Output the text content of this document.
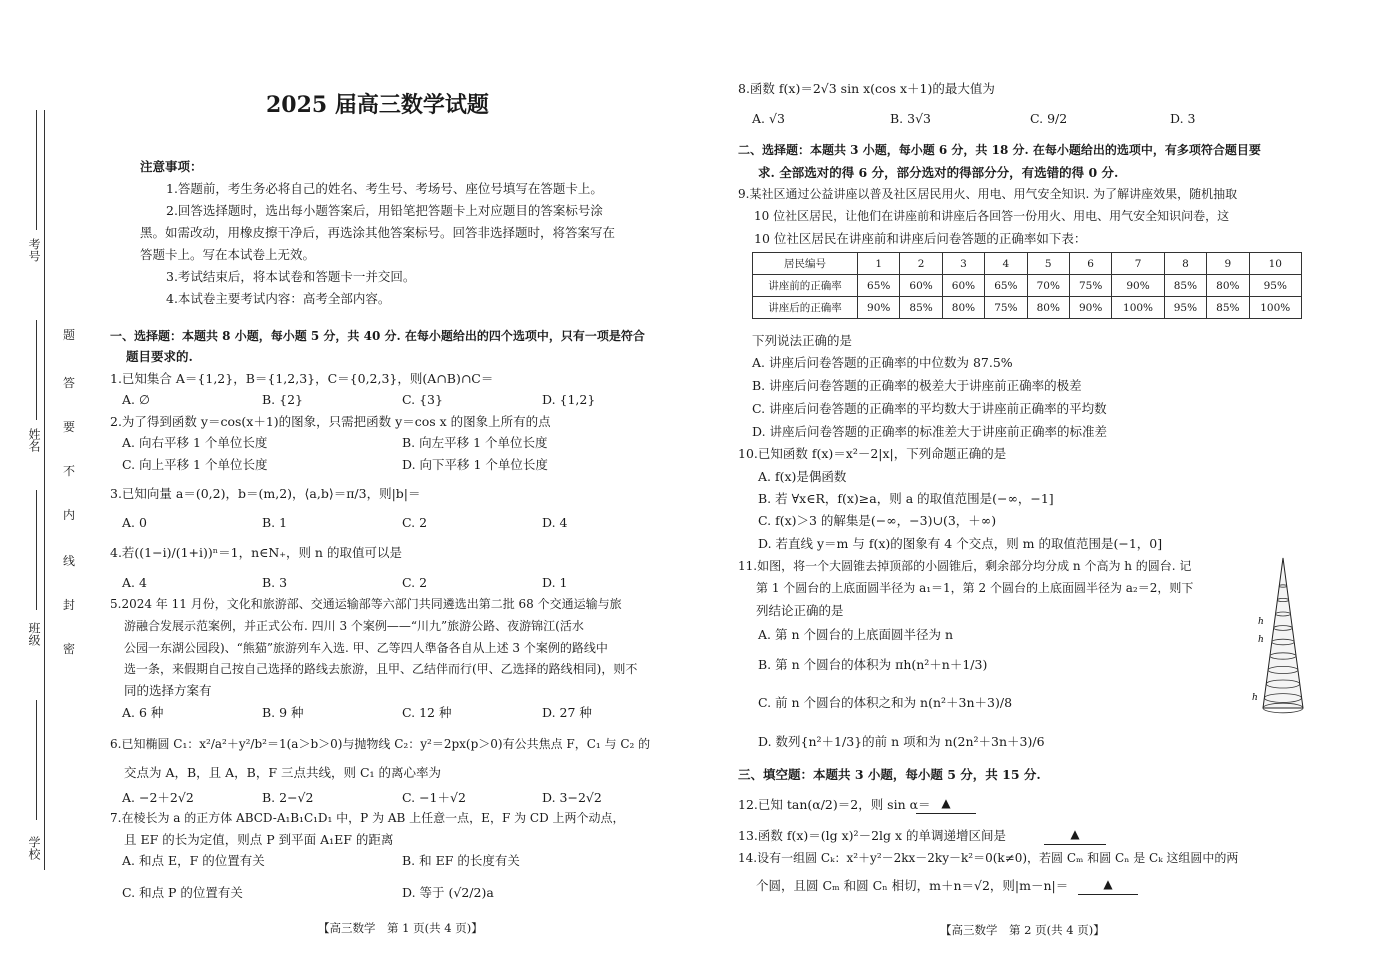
考号
姓名
班级
学校
题
答
要
不
内
线
封
密
2025 届高三数学试题
注意事项：
1.答题前，考生务必将自己的姓名、考生号、考场号、座位号填写在答题卡上。
2.回答选择题时，选出每小题答案后，用铅笔把答题卡上对应题目的答案标号涂
黑。如需改动，用橡皮擦干净后，再选涂其他答案标号。回答非选择题时，将答案写在
答题卡上。写在本试卷上无效。
3.考试结束后，将本试卷和答题卡一并交回。
4.本试卷主要考试内容：高考全部内容。
一、选择题：本题共 8 小题，每小题 5 分，共 40 分. 在每小题给出的四个选项中，只有一项是符合
题目要求的.
1.已知集合 A＝{1,2}，B＝{1,2,3}，C＝{0,2,3}，则(A∩B)∩C＝
A. ∅	B. {2}	C. {3}	D. {1,2}
2.为了得到函数 y＝cos(x＋1)的图象，只需把函数 y＝cos x 的图象上所有的点
A. 向右平移 1 个单位长度	B. 向左平移 1 个单位长度
C. 向上平移 1 个单位长度	D. 向下平移 1 个单位长度
3.已知向量 a＝(0,2)，b＝(m,2)，⟨a,b⟩＝π/3，则|b|＝
A. 0	B. 1	C. 2	D. 4
4.若((1−i)/(1+i))ⁿ＝1，n∈N₊，则 n 的取值可以是
A. 4	B. 3	C. 2	D. 1
5.2024 年 11 月份，文化和旅游部、交通运输部等六部门共同遴选出第二批 68 个交通运输与旅
游融合发展示范案例，并正式公布. 四川 3 个案例——“川九”旅游公路、夜游锦江(活水
公园一东湖公园段)、“熊猫”旅游列车入选. 甲、乙等四人準备各自从上述 3 个案例的路线中
选一条，来假期自己按自己选择的路线去旅游，且甲、乙结伴而行(甲、乙选择的路线相同)，则不
同的选择方案有
A. 6 种	B. 9 种	C. 12 种	D. 27 种
6.已知椭圆 C₁：x²/a²＋y²/b²＝1(a＞b＞0)与抛物线 C₂：y²＝2px(p＞0)有公共焦点 F，C₁ 与 C₂ 的
交点为 A，B，且 A，B，F 三点共线，则 C₁ 的离心率为
A. −2＋2√2	B. 2−√2	C. −1＋√2	D. 3−2√2
7.在棱长为 a 的正方体 ABCD-A₁B₁C₁D₁ 中，P 为 AB 上任意一点，E，F 为 CD 上两个动点，
且 EF 的长为定值，则点 P 到平面 A₁EF 的距离
A. 和点 E，F 的位置有关	B. 和 EF 的长度有关
C. 和点 P 的位置有关	D. 等于 (√2/2)a
【高三数学　第 1 页(共 4 页)】
8.函数 f(x)＝2√3 sin x(cos x＋1)的最大值为
A. √3	B. 3√3	C. 9/2	D. 3
二、选择题：本题共 3 小题，每小题 6 分，共 18 分. 在每小题给出的选项中，有多项符合题目要
求. 全部选对的得 6 分，部分选对的得部分分，有选错的得 0 分.
9.某社区通过公益讲座以普及社区居民用火、用电、用气安全知识. 为了解讲座效果，随机抽取
10 位社区居民，让他们在讲座前和讲座后各回答一份用火、用电、用气安全知识问卷，这
10 位社区居民在讲座前和讲座后问卷答题的正确率如下表：
居民编号	1	2	3	4	5	6	7	8	9	10
讲座前的正确率	65%	60%	60%	65%	70%	75%	90%	85%	80%	95%
讲座后的正确率	90%	85%	80%	75%	80%	90%	100%	95%	85%	100%
下列说法正确的是
A. 讲座后问卷答题的正确率的中位数为 87.5%
B. 讲座后问卷答题的正确率的极差大于讲座前正确率的极差
C. 讲座后问卷答题的正确率的平均数大于讲座前正确率的平均数
D. 讲座后问卷答题的正确率的标准差大于讲座前正确率的标准差
10.已知函数 f(x)＝x²－2|x|，下列命题正确的是
A. f(x)是偶函数
B. 若 ∀x∈R，f(x)≥a，则 a 的取值范围是(−∞，−1]
C. f(x)＞3 的解集是(−∞，−3)∪(3，＋∞)
D. 若直线 y＝m 与 f(x)的图象有 4 个交点，则 m 的取值范围是(−1，0]
11.如图，将一个大圆锥去掉顶部的小圆锥后，剩余部分均分成 n 个高为 h 的圆台. 记
第 1 个圆台的上底面圆半径为 a₁＝1，第 2 个圆台的上底面圆半径为 a₂＝2，则下
列结论正确的是
A. 第 n 个圆台的上底面圆半径为 n
B. 第 n 个圆台的体积为 πh(n²＋n＋1/3)
C. 前 n 个圆台的体积之和为 n(n²＋3n＋3)/8
D. 数列{n²＋1/3}的前 n 项和为 n(2n²＋3n＋3)/6
h
h
h
三、填空题：本题共 3 小题，每小题 5 分，共 15 分.
12.已知 tan(α/2)＝2，则 sin α＝ ▲
13.函数 f(x)＝(lg x)²－2lg x 的单调递增区间是	▲
14.设有一组圆 Cₖ：x²＋y²－2kx－2ky－k²＝0(k≠0)，若圆 Cₘ 和圆 Cₙ 是 Cₖ 这组圆中的两
个圆，且圆 Cₘ 和圆 Cₙ 相切，m＋n＝√2，则|m－n|＝	▲
【高三数学　第 2 页(共 4 页)】
